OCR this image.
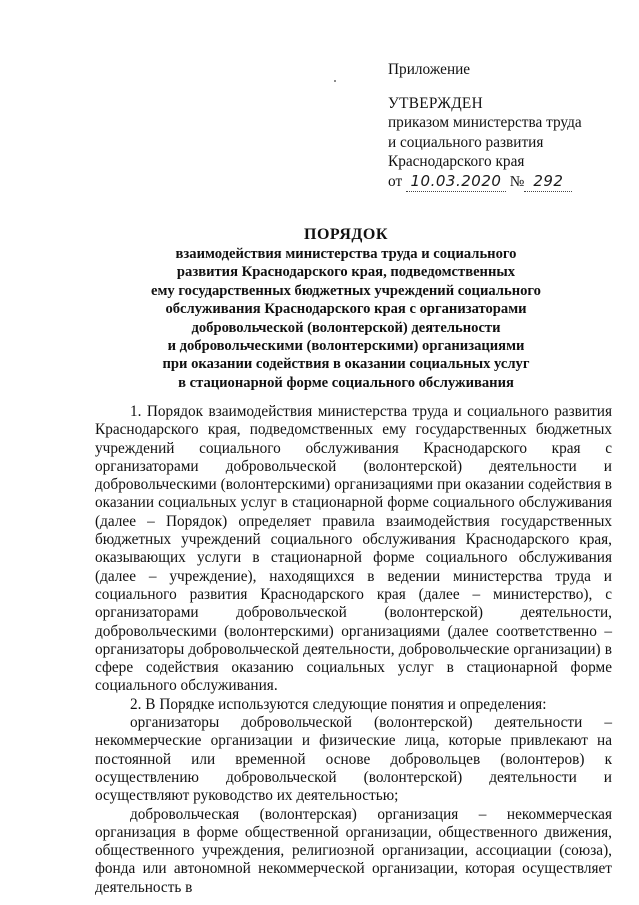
Приложение
УТВЕРЖДЕН
приказом министерства труда
и социального развития
Краснодарского края
от 10.03.2020 № 292
ПОРЯДОК
взаимодействия министерства труда и социального
развития Краснодарского края, подведомственных
ему государственных бюджетных учреждений социального
обслуживания Краснодарского края с организаторами
добровольческой (волонтерской) деятельности
и добровольческими (волонтерскими) организациями
при оказании содействия в оказании социальных услуг
в стационарной форме социального обслуживания

1. Порядок взаимодействия министерства труда и социального развития Краснодарского края, подведомственных ему государственных бюджетных учреждений социального обслуживания Краснодарского края с организаторами добровольческой (волонтерской) деятельности и добровольческими (волонтерскими) организациями при оказании содействия в оказании социальных услуг в стационарной форме социального обслуживания (далее – Порядок) определяет правила взаимодействия государственных бюджетных учреждений социального обслуживания Краснодарского края, оказывающих услуги в стационарной форме социального обслуживания (далее – учреждение), находящихся в ведении министерства труда и социального развития Краснодарского края (далее – министерство), с организаторами добровольческой (волонтерской) деятельности, добровольческими (волонтерскими) организациями (далее соответственно – организаторы добровольческой деятельности, добровольческие организации) в сфере содействия оказанию социальных услуг в стационарной форме социального обслуживания.

2. В Порядке используются следующие понятия и определения:

организаторы добровольческой (волонтерской) деятельности – некоммерческие организации и физические лица, которые привлекают на постоянной или временной основе добровольцев (волонтеров) к осуществлению добровольческой (волонтерской) деятельности и осуществляют руководство их деятельностью;

добровольческая (волонтерская) организация – некоммерческая организация в форме общественной организации, общественного движения, общественного учреждения, религиозной организации, ассоциации (союза), фонда или автономной некоммерческой организации, которая осуществляет деятельность в
